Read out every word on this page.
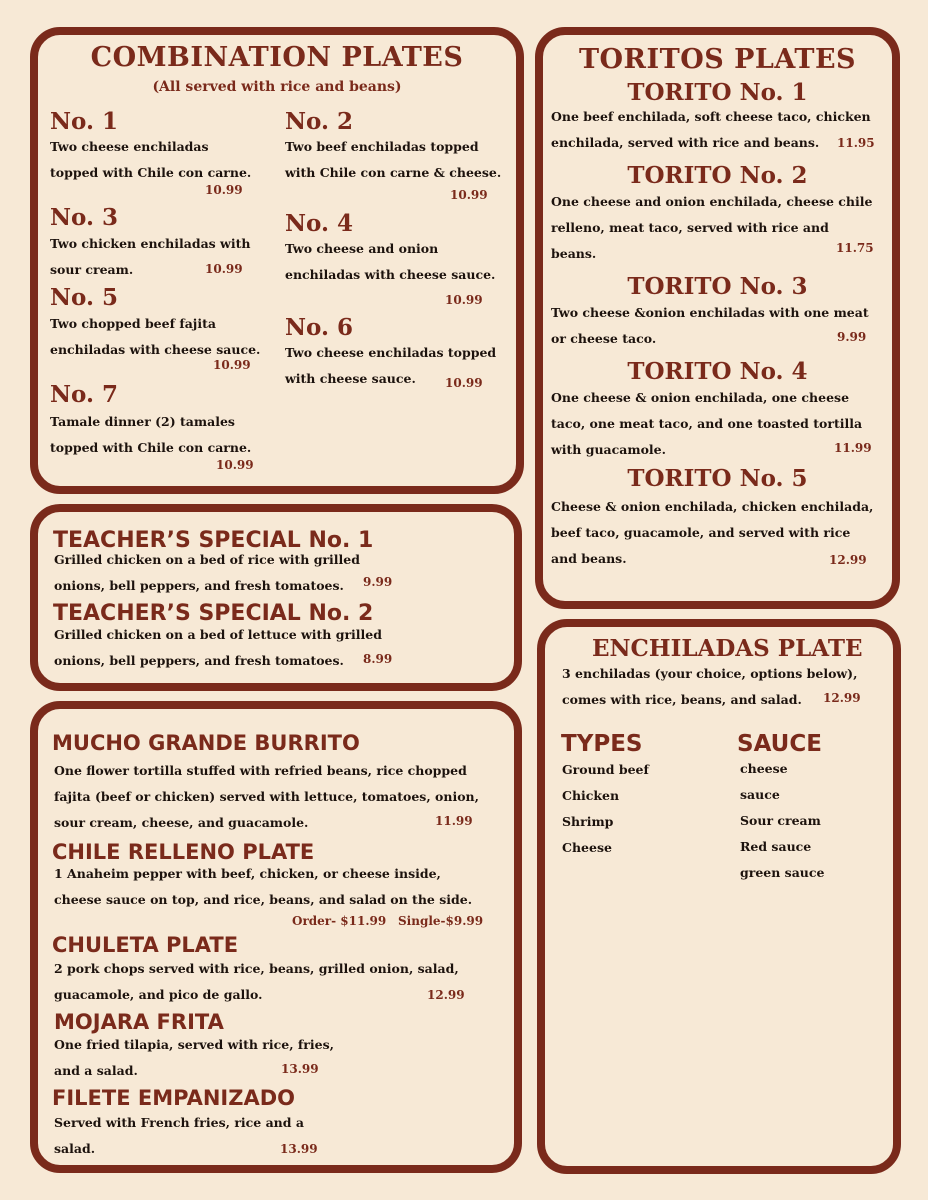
COMBINATION PLATES
(All served with rice and beans)
No. 1
Two cheese enchiladas
topped with Chile con carne.
10.99
No. 3
Two chicken enchiladas with
sour cream.	10.99
No. 5
Two chopped beef fajita
enchiladas with cheese sauce.
10.99
No. 7
Tamale dinner (2) tamales
topped with Chile con carne.
10.99
No. 2
Two beef enchiladas topped
with Chile con carne & cheese.
10.99
No. 4
Two cheese and onion
enchiladas with cheese sauce.
10.99
No. 6
Two cheese enchiladas topped
with cheese sauce. 10.99
TEACHER’S SPECIAL No. 1
Grilled chicken on a bed of rice with grilled
onions, bell peppers, and fresh tomatoes. 9.99
TEACHER’S SPECIAL No. 2
Grilled chicken on a bed of lettuce with grilled
onions, bell peppers, and fresh tomatoes. 8.99
MUCHO GRANDE BURRITO
One flower tortilla stuffed with refried beans, rice chopped
fajita (beef or chicken) served with lettuce, tomatoes, onion,
sour cream, cheese, and guacamole.	11.99
CHILE RELLENO PLATE
1 Anaheim pepper with beef, chicken, or cheese inside,
cheese sauce on top, and rice, beans, and salad on the side.
Order- $11.99 Single-$9.99
CHULETA PLATE
2 pork chops served with rice, beans, grilled onion, salad,
guacamole, and pico de gallo.	12.99
MOJARA FRITA
One fried tilapia, served with rice, fries,
and a salad.	13.99
FILETE EMPANIZADO
Served with French fries, rice and a
salad.	13.99
TORITOS PLATES
TORITO No. 1
One beef enchilada, soft cheese taco, chicken
enchilada, served with rice and beans. 11.95
TORITO No. 2
One cheese and onion enchilada, cheese chile
relleno, meat taco, served with rice and
beans.	11.75
TORITO No. 3
Two cheese &onion enchiladas with one meat
or cheese taco.	9.99
TORITO No. 4
One cheese & onion enchilada, one cheese
taco, one meat taco, and one toasted tortilla
with guacamole.	11.99
TORITO No. 5
Cheese & onion enchilada, chicken enchilada,
beef taco, guacamole, and served with rice
and beans.	12.99
ENCHILADAS PLATE
3 enchiladas (your choice, options below),
comes with rice, beans, and salad. 12.99
TYPES
Ground beef
Chicken
Shrimp
Cheese
SAUCE
cheese
sauce
Sour cream
Red sauce
green sauce
